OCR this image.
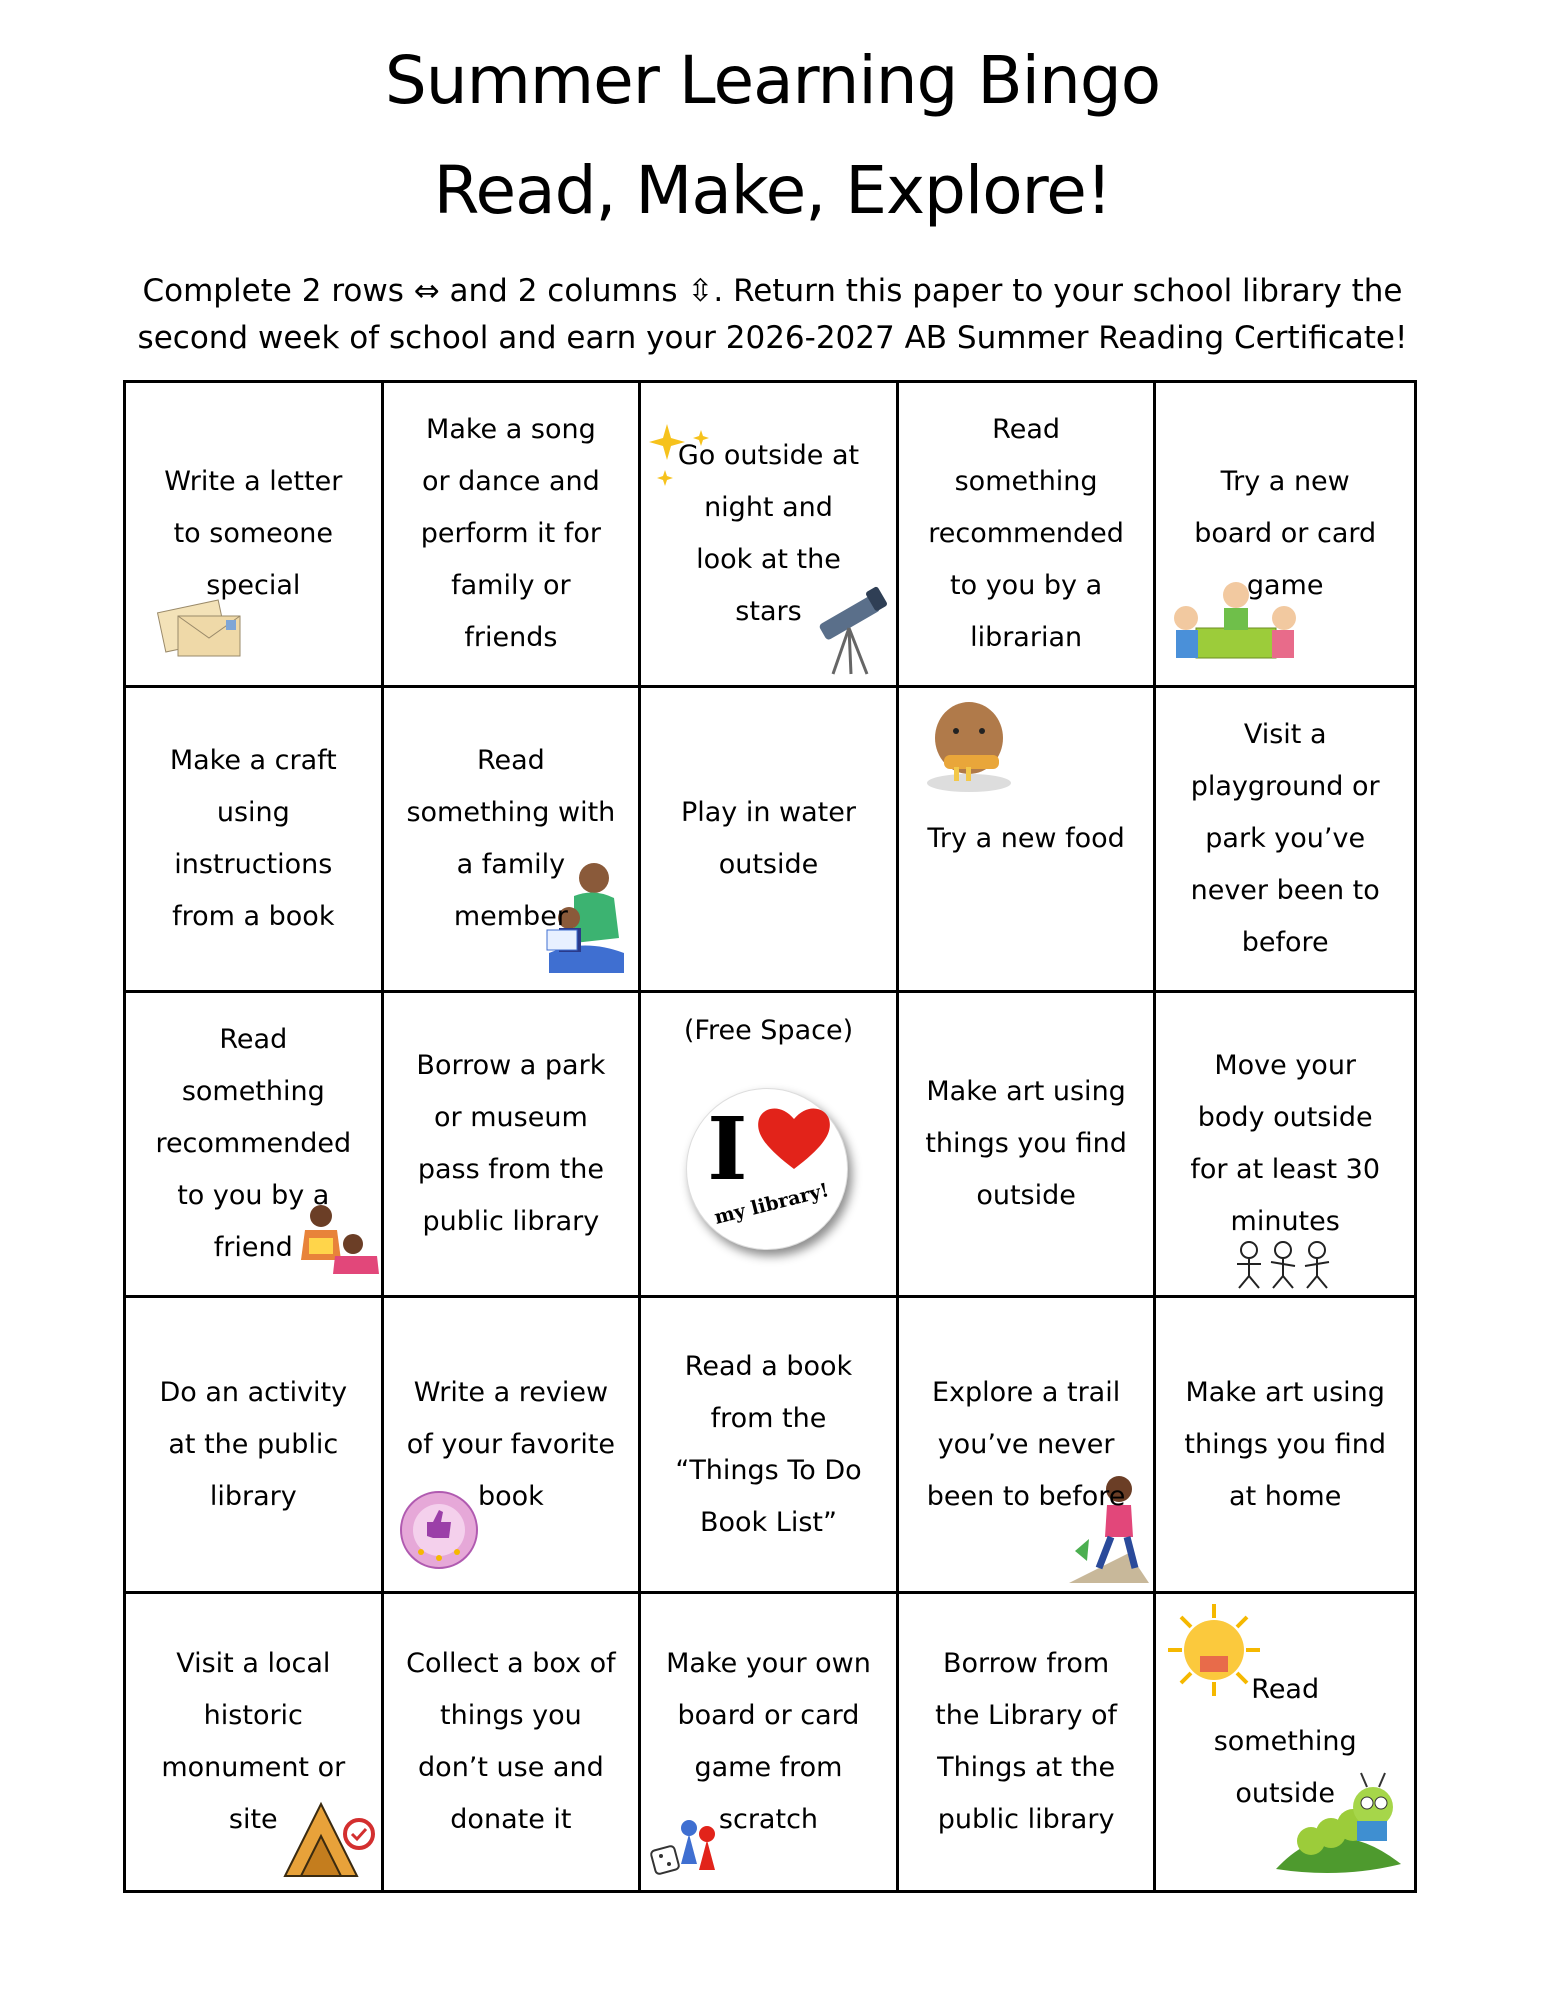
Summer Learning Bingo
Read, Make, Explore!
Complete 2 rows ⇔ and 2 columns ⇳. Return this paper to your school library the
second week of school and earn your 2026-2027 AB Summer Reading Certificate!
Write a letter to someone special
Make a song or dance and perform it for family or friends
Go outside at night and look at the stars
Read something recommended to you by a librarian
Try a new board or card game
Make a craft using instructions from a book
Read something with a family member
Play in water outside
Try a new food
Visit a playground or park you’ve never been to before
Read something recommended to you by a friend
Borrow a park or museum pass from the public library
(Free Space)
I
my library!
Make art using things you find outside
Move your body outside for at least 30 minutes
Do an activity at the public library
Write a review of your favorite book
Read a book from the “Things To Do Book List”
Explore a trail you’ve never been to before
Make art using things you find at home
Visit a local historic monument or site
Collect a box of things you don’t use and donate it
Make your own board or card game from scratch
Borrow from the Library of Things at the public library
Read something outside
